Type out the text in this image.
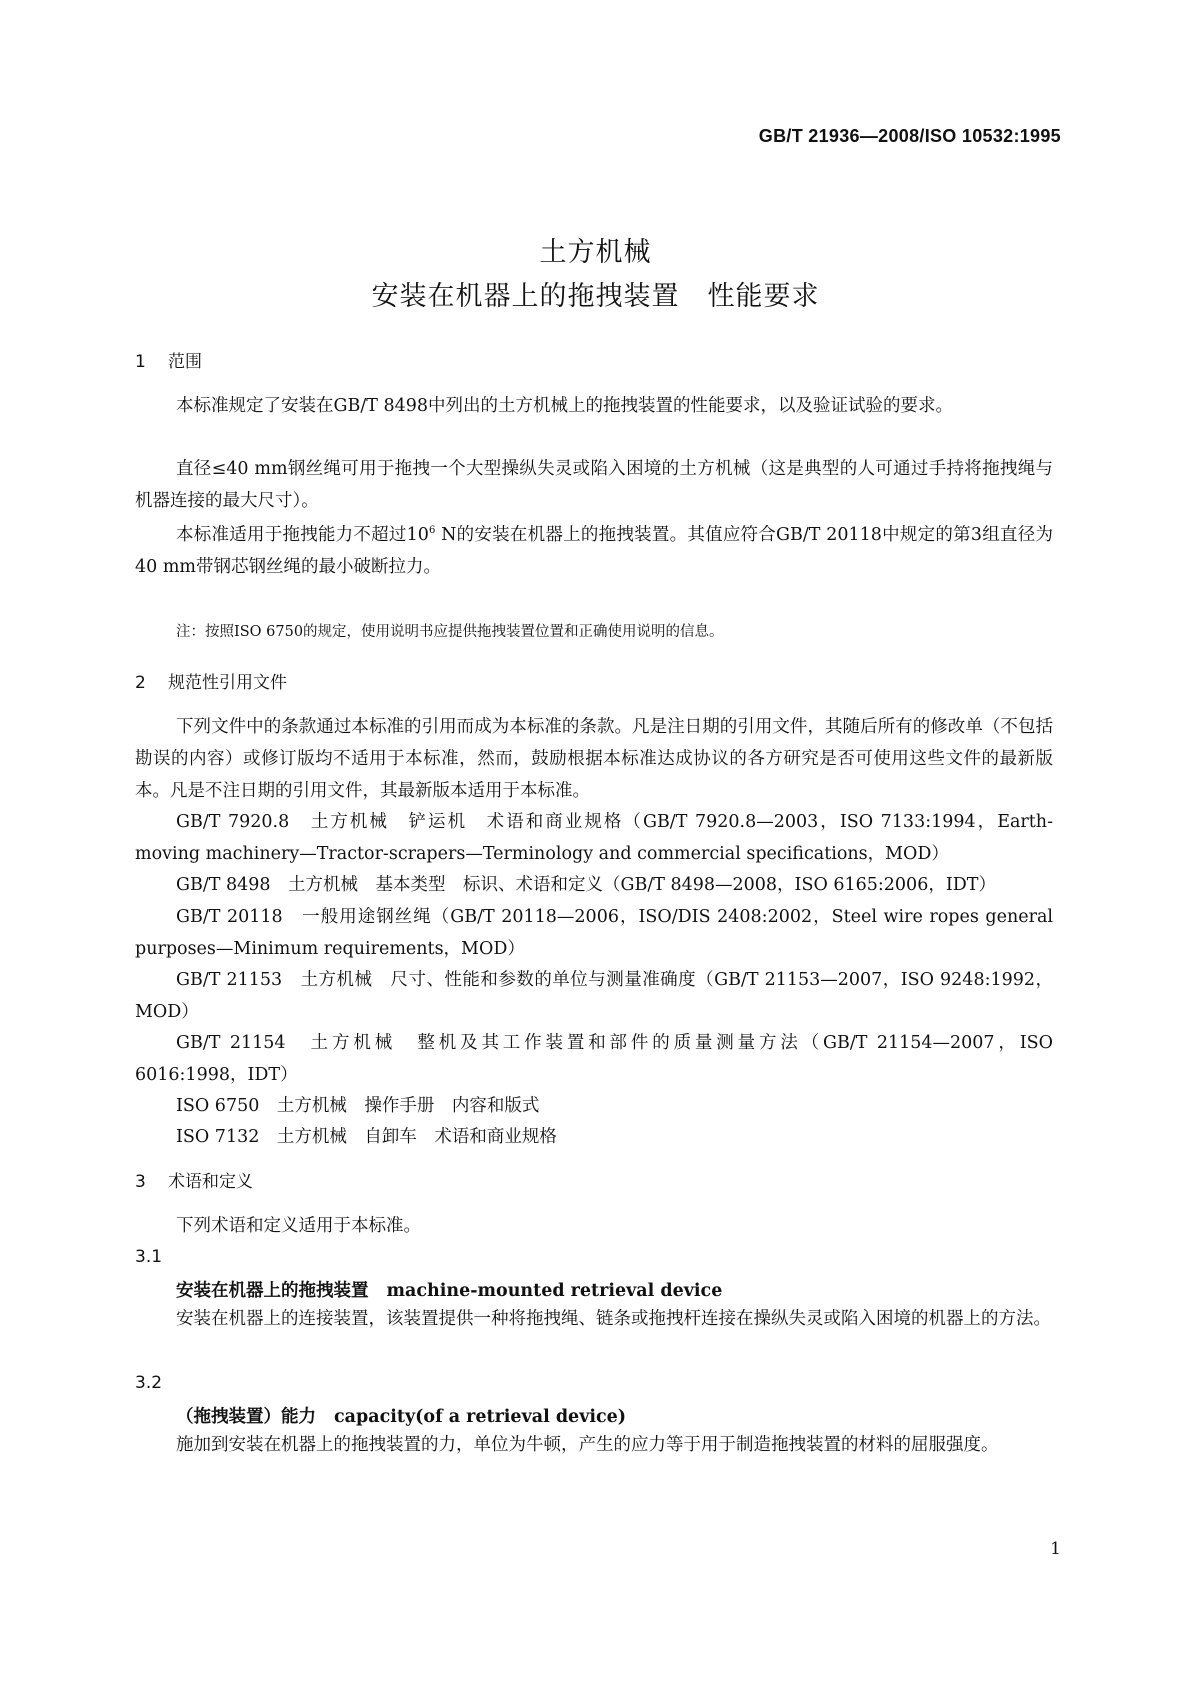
GB/T 21936—2008/ISO 10532:1995
土方机械
安装在机器上的拖拽装置　性能要求
1 范围
本标准规定了安装在GB/T 8498中列出的土方机械上的拖拽装置的性能要求，以及验证试验的要求。
直径≤40 mm钢丝绳可用于拖拽一个大型操纵失灵或陷入困境的土方机械（这是典型的人可通过手持将拖拽绳与机器连接的最大尺寸）。
本标准适用于拖拽能力不超过$10^6$ N的安装在机器上的拖拽装置。其值应符合GB/T 20118中规定的第3组直径为40 mm带钢芯钢丝绳的最小破断拉力。
注：按照ISO 6750的规定，使用说明书应提供拖拽装置位置和正确使用说明的信息。
2 规范性引用文件
下列文件中的条款通过本标准的引用而成为本标准的条款。凡是注日期的引用文件，其随后所有的修改单（不包括勘误的内容）或修订版均不适用于本标准，然而，鼓励根据本标准达成协议的各方研究是否可使用这些文件的最新版本。凡是不注日期的引用文件，其最新版本适用于本标准。
GB/T 7920.8　土方机械　铲运机　术语和商业规格（GB/T 7920.8—2003，ISO 7133:1994，Earth-moving machinery—Tractor-scrapers—Terminology and commercial specifications，MOD）
GB/T 8498　土方机械　基本类型　标识、术语和定义（GB/T 8498—2008，ISO 6165:2006，IDT）
GB/T 20118　一般用途钢丝绳（GB/T 20118—2006，ISO/DIS 2408:2002，Steel wire ropes general purposes—Minimum requirements，MOD）
GB/T 21153　土方机械　尺寸、性能和参数的单位与测量准确度（GB/T 21153—2007，ISO 9248:1992，MOD）
GB/T 21154　土方机械　整机及其工作装置和部件的质量测量方法（GB/T 21154—2007，ISO 6016:1998，IDT）
ISO 6750　土方机械　操作手册　内容和版式
ISO 7132　土方机械　自卸车　术语和商业规格
3 术语和定义
下列术语和定义适用于本标准。
3.1
安装在机器上的拖拽装置 machine-mounted retrieval device
安装在机器上的连接装置，该装置提供一种将拖拽绳、链条或拖拽杆连接在操纵失灵或陷入困境的机器上的方法。
3.2
（拖拽装置）能力 capacity(of a retrieval device)
施加到安装在机器上的拖拽装置的力，单位为牛顿，产生的应力等于用于制造拖拽装置的材料的屈服强度。
1
